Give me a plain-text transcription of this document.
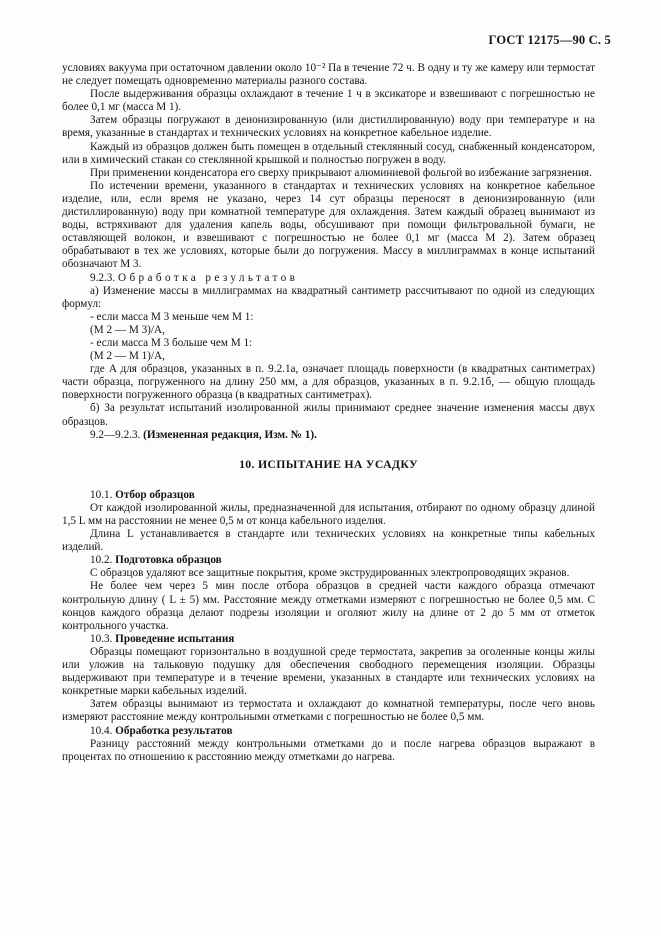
ГОСТ 12175—90 С. 5

условиях вакуума при остаточном давлении около 10⁻² Па в течение 72 ч. В одну и ту же камеру или термостат не следует помещать одновременно материалы разного состава.

После выдерживания образцы охлаждают в течение 1 ч в эксикаторе и взвешивают с погрешностью не более 0,1 мг (масса M 1).

Затем образцы погружают в деионизированную (или дистиллированную) воду при температуре и на время, указанные в стандартах и технических условиях на конкретное кабельное изделие.

Каждый из образцов должен быть помещен в отдельный стеклянный сосуд, снабженный конденсатором, или в химический стакан со стеклянной крышкой и полностью погружен в воду.

При применении конденсатора его сверху прикрывают алюминиевой фольгой во избежание загрязнения.

По истечении времени, указанного в стандартах и технических условиях на конкретное кабельное изделие, или, если время не указано, через 14 сут образцы переносят в деионизированную (или дистиллированную) воду при комнатной температуре для охлаждения. Затем каждый образец вынимают из воды, встряхивают для удаления капель воды, обсушивают при помощи фильтровальной бумаги, не оставляющей волокон, и взвешивают с погрешностью не более 0,1 мг (масса M 2). Затем образец обрабатывают в тех же условиях, которые были до погружения. Массу в миллиграммах в конце испытаний обозначают M 3.

9.2.3. Обработка результатов

а) Изменение массы в миллиграммах на квадратный сантиметр рассчитывают по одной из следующих формул:

- если масса M 3 меньше чем M 1:

(M 2 — M 3)/A,

- если масса M 3 больше чем M 1:

(M 2 — M 1)/A,

где A для образцов, указанных в п. 9.2.1а, означает площадь поверхности (в квадратных сантиметрах) части образца, погруженного на длину 250 мм, а для образцов, указанных в п. 9.2.1б, — общую площадь поверхности погруженного образца (в квадратных сантиметрах).

б) За результат испытаний изолированной жилы принимают среднее значение изменения массы двух образцов.

9.2—9.2.3. (Измененная редакция, Изм. № 1).

10. ИСПЫТАНИЕ НА УСАДКУ

10.1. Отбор образцов

От каждой изолированной жилы, предназначенной для испытания, отбирают по одному образцу длиной 1,5 L мм на расстоянии не менее 0,5 м от конца кабельного изделия.

Длина L устанавливается в стандарте или технических условиях на конкретные типы кабельных изделий.

10.2. Подготовка образцов

С образцов удаляют все защитные покрытия, кроме экструдированных электропроводящих экранов.

Не более чем через 5 мин после отбора образцов в средней части каждого образца отмечают контрольную длину ( L ± 5) мм. Расстояние между отметками измеряют с погрешностью не более 0,5 мм. С концов каждого образца делают подрезы изоляции и оголяют жилу на длине от 2 до 5 мм от отметок контрольного участка.

10.3. Проведение испытания

Образцы помещают горизонтально в воздушной среде термостата, закрепив за оголенные концы жилы или уложив на тальковую подушку для обеспечения свободного перемещения изоляции. Образцы выдерживают при температуре и в течение времени, указанных в стандарте или технических условиях на конкретные марки кабельных изделий.

Затем образцы вынимают из термостата и охлаждают до комнатной температуры, после чего вновь измеряют расстояние между контрольными отметками с погрешностью не более 0,5 мм.

10.4. Обработка результатов

Разницу расстояний между контрольными отметками до и после нагрева образцов выражают в процентах по отношению к расстоянию между отметками до нагрева.
